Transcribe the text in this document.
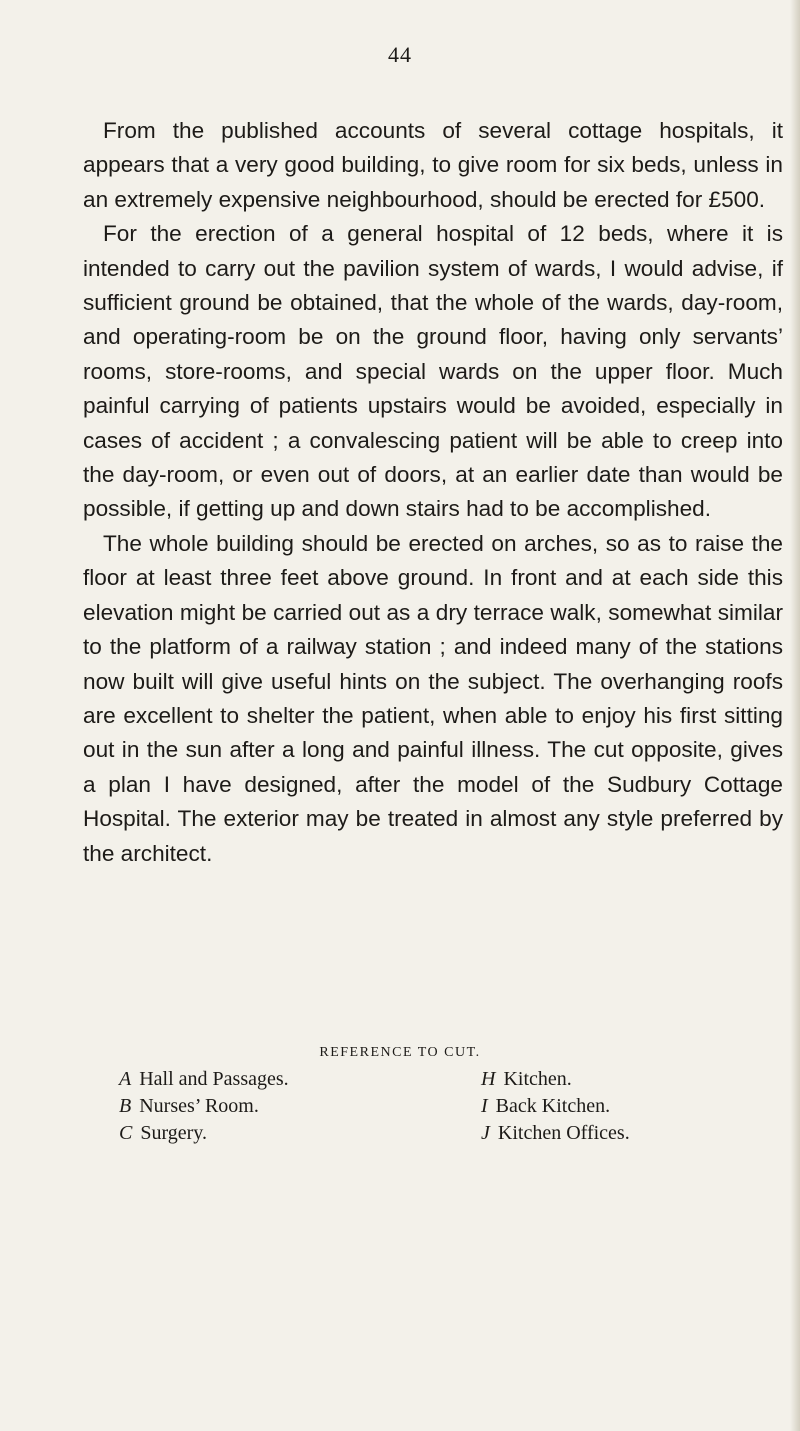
44

From the published accounts of several cottage hospitals, it appears that a very good building, to give room for six beds, unless in an extremely expensive neighbourhood, should be erected for £500.

For the erection of a general hospital of 12 beds, where it is intended to carry out the pavilion system of wards, I would advise, if sufficient ground be obtained, that the whole of the wards, day-room, and operating-room be on the ground floor, having only servants’ rooms, store-rooms, and special wards on the upper floor. Much painful carrying of patients upstairs would be avoided, especially in cases of accident ; a convalescing patient will be able to creep into the day-room, or even out of doors, at an earlier date than would be possible, if getting up and down stairs had to be accomplished.

The whole building should be erected on arches, so as to raise the floor at least three feet above ground. In front and at each side this elevation might be carried out as a dry terrace walk, somewhat similar to the platform of a railway station ; and indeed many of the stations now built will give useful hints on the subject. The overhanging roofs are excellent to shelter the patient, when able to enjoy his first sitting out in the sun after a long and painful illness. The cut opposite, gives a plan I have designed, after the model of the Sudbury Cottage Hospital. The exterior may be treated in almost any style preferred by the architect.

REFERENCE TO CUT.
A Hall and Passages.
B Nurses’ Room.
C Surgery.
H Kitchen.
I Back Kitchen.
J Kitchen Offices.
